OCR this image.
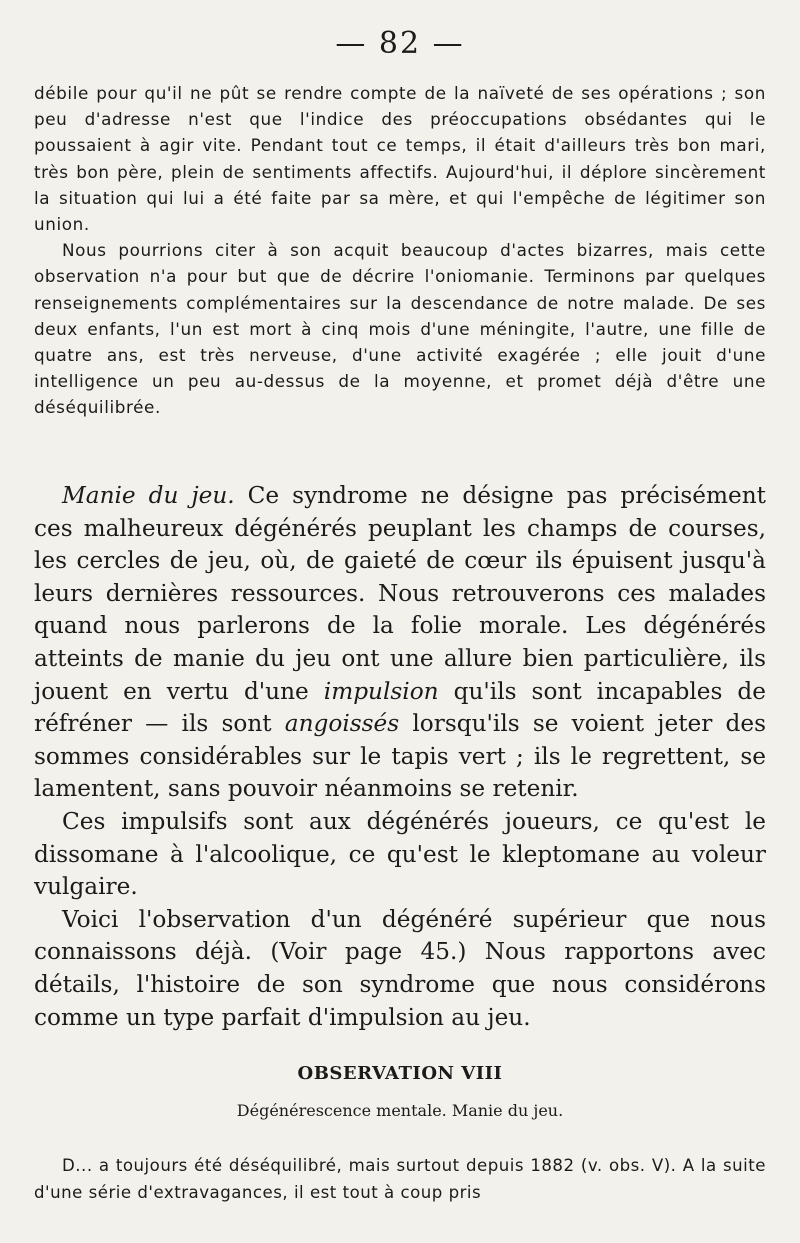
— 82 —

débile pour qu'il ne pût se rendre compte de la naïveté de ses opérations ; son peu d'adresse n'est que l'indice des préoccupations obsédantes qui le poussaient à agir vite. Pendant tout ce temps, il était d'ailleurs très bon mari, très bon père, plein de sentiments affectifs. Aujourd'hui, il déplore sincèrement la situation qui lui a été faite par sa mère, et qui l'empêche de légitimer son union.

Nous pourrions citer à son acquit beaucoup d'actes bizarres, mais cette observation n'a pour but que de décrire l'oniomanie. Terminons par quelques renseignements complémentaires sur la descendance de notre malade. De ses deux enfants, l'un est mort à cinq mois d'une méningite, l'autre, une fille de quatre ans, est très nerveuse, d'une activité exagérée ; elle jouit d'une intelligence un peu au-dessus de la moyenne, et promet déjà d'être une déséquilibrée.

Manie du jeu. Ce syndrome ne désigne pas précisément ces malheureux dégénérés peuplant les champs de courses, les cercles de jeu, où, de gaieté de cœur ils épuisent jusqu'à leurs dernières ressources. Nous retrouverons ces malades quand nous parlerons de la folie morale. Les dégénérés atteints de manie du jeu ont une allure bien particulière, ils jouent en vertu d'une impulsion qu'ils sont incapables de réfréner — ils sont angoissés lorsqu'ils se voient jeter des sommes considérables sur le tapis vert ; ils le regrettent, se lamentent, sans pouvoir néanmoins se retenir.

Ces impulsifs sont aux dégénérés joueurs, ce qu'est le dissomane à l'alcoolique, ce qu'est le kleptomane au voleur vulgaire.

Voici l'observation d'un dégénéré supérieur que nous connaissons déjà. (Voir page 45.) Nous rapportons avec détails, l'histoire de son syndrome que nous considérons comme un type parfait d'impulsion au jeu.

OBSERVATION VIII
Dégénérescence mentale. Manie du jeu.

D... a toujours été déséquilibré, mais surtout depuis 1882 (v. obs. V). A la suite d'une série d'extravagances, il est tout à coup pris
